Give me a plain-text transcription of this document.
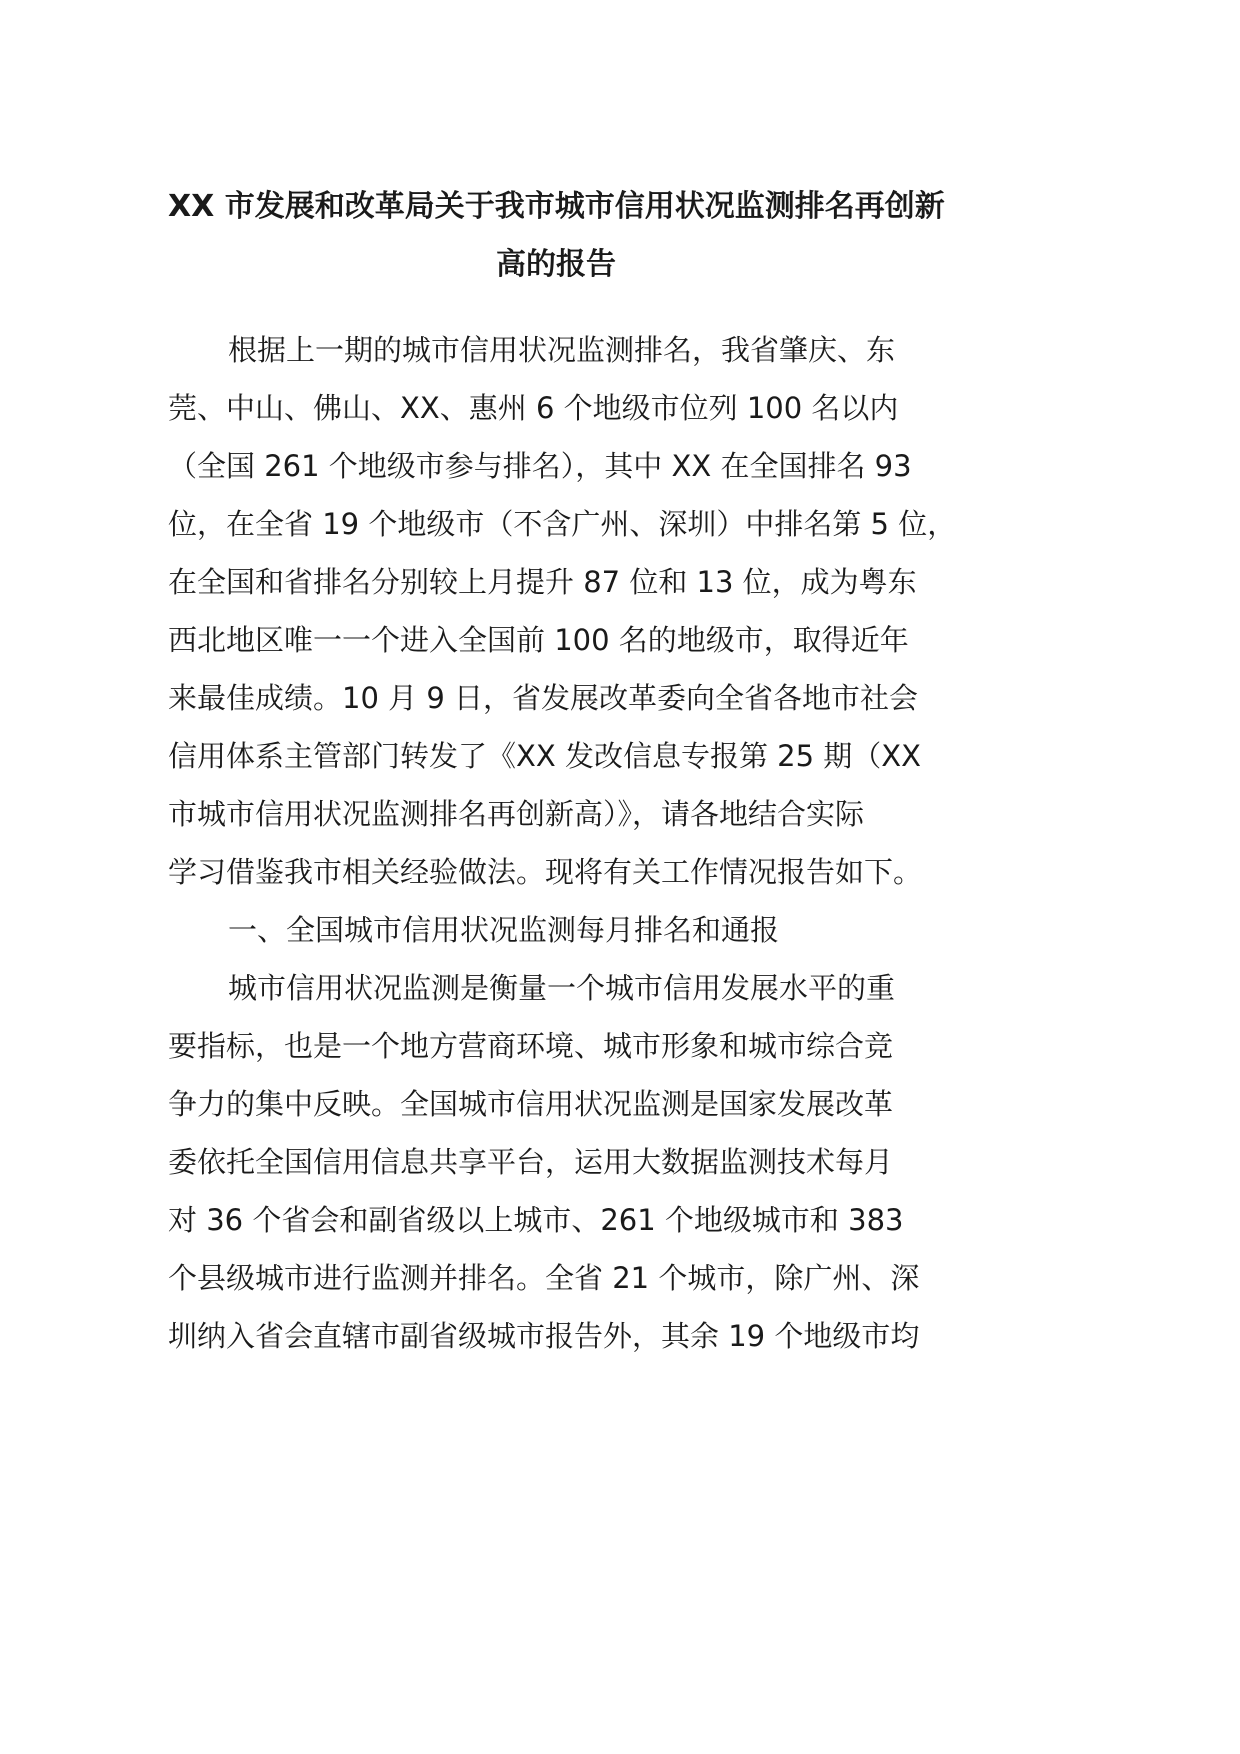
XX 市发展和改革局关于我市城市信用状况监测排名再创新
高的报告
根据上一期的城市信用状况监测排名，我省肇庆、东
莞、中山、佛山、XX、惠州 6 个地级市位列 100 名以内
（全国 261 个地级市参与排名），其中 XX 在全国排名 93
位，在全省 19 个地级市（不含广州、深圳）中排名第 5 位，
在全国和省排名分别较上月提升 87 位和 13 位，成为粤东
西北地区唯一一个进入全国前 100 名的地级市，取得近年
来最佳成绩。10 月 9 日，省发展改革委向全省各地市社会
信用体系主管部门转发了《XX 发改信息专报第 25 期（XX
市城市信用状况监测排名再创新高）》，请各地结合实际
学习借鉴我市相关经验做法。现将有关工作情况报告如下。
一、全国城市信用状况监测每月排名和通报
城市信用状况监测是衡量一个城市信用发展水平的重
要指标，也是一个地方营商环境、城市形象和城市综合竞
争力的集中反映。全国城市信用状况监测是国家发展改革
委依托全国信用信息共享平台，运用大数据监测技术每月
对 36 个省会和副省级以上城市、261 个地级城市和 383
个县级城市进行监测并排名。全省 21 个城市，除广州、深
圳纳入省会直辖市副省级城市报告外，其余 19 个地级市均
